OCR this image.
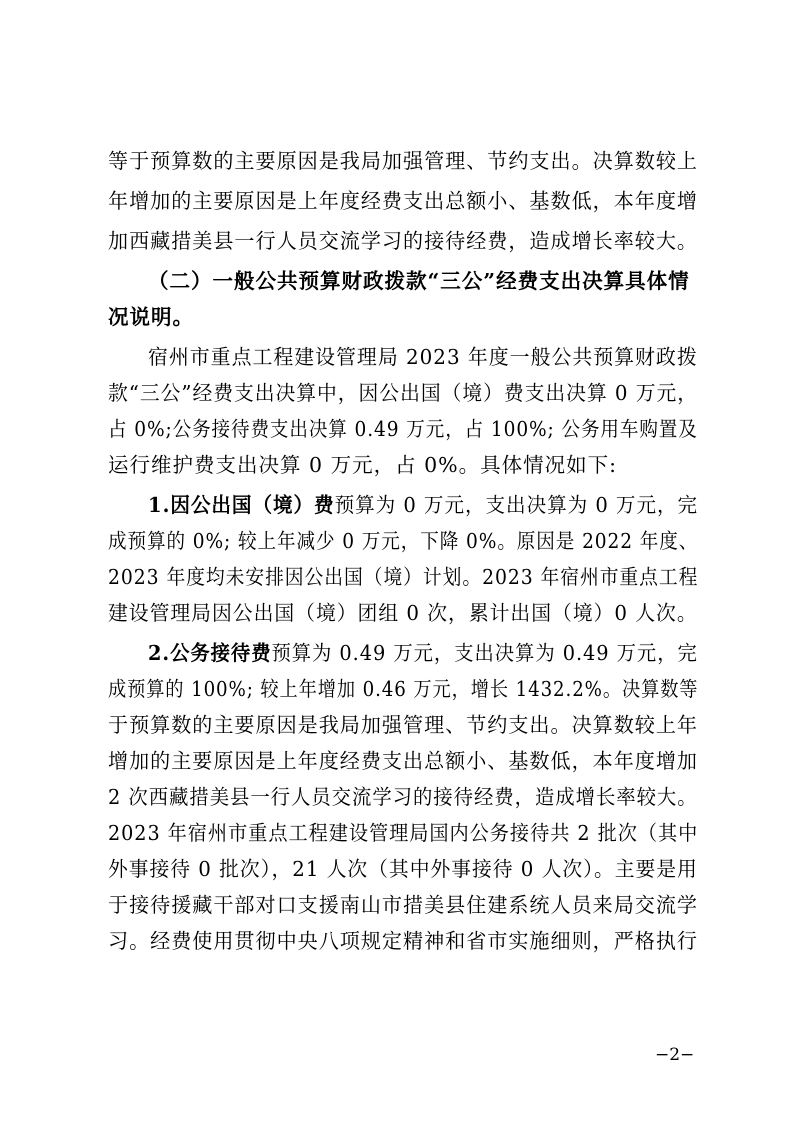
等于预算数的主要原因是我局加强管理、节约支出。决算数较上
年增加的主要原因是上年度经费支出总额小、基数低，本年度增
加西藏措美县一行人员交流学习的接待经费，造成增长率较大。
（二）一般公共预算财政拨款“三公”经费支出决算具体情
况说明。
宿州市重点工程建设管理局 2023 年度一般公共预算财政拨
款“三公”经费支出决算中，因公出国（境）费支出决算 0 万元，
占 0%;公务接待费支出决算 0.49 万元，占 100%; 公务用车购置及
运行维护费支出决算 0 万元，占 0%。具体情况如下:
1.因公出国（境）费预算为 0 万元，支出决算为 0 万元，完
成预算的 0%; 较上年减少 0 万元，下降 0%。原因是 2022 年度、
2023 年度均未安排因公出国（境）计划。2023 年宿州市重点工程
建设管理局因公出国（境）团组 0 次，累计出国（境）0 人次。
2.公务接待费预算为 0.49 万元，支出决算为 0.49 万元，完
成预算的 100%; 较上年增加 0.46 万元，增长 1432.2%。决算数等
于预算数的主要原因是我局加强管理、节约支出。决算数较上年
增加的主要原因是上年度经费支出总额小、基数低，本年度增加
2 次西藏措美县一行人员交流学习的接待经费，造成增长率较大。
2023 年宿州市重点工程建设管理局国内公务接待共 2 批次（其中
外事接待 0 批次），21 人次（其中外事接待 0 人次）。主要是用
于接待援藏干部对口支援南山市措美县住建系统人员来局交流学
习。经费使用贯彻中央八项规定精神和省市实施细则，严格执行
−2−
